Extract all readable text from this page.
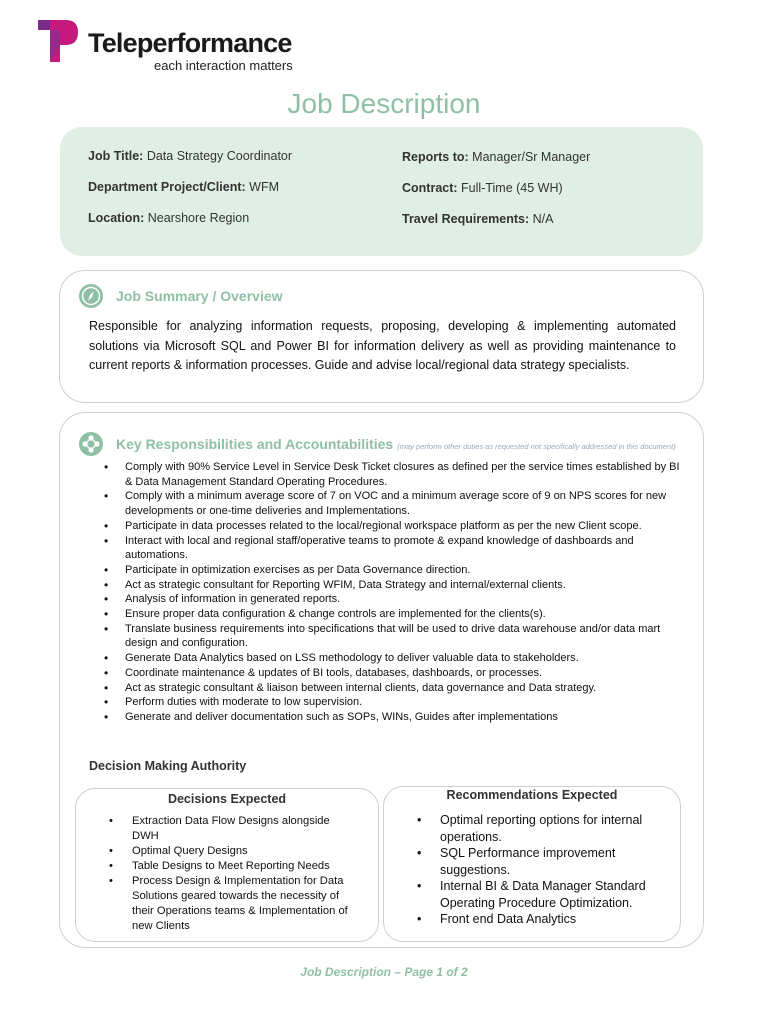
Teleperformance
each interaction matters
Job Description
Job Title: Data Strategy Coordinator
Department Project/Client: WFM
Location: Nearshore Region
Reports to: Manager/Sr Manager
Contract: Full-Time (45 WH)
Travel Requirements: N/A
Job Summary / Overview

Responsible for analyzing information requests, proposing, developing & implementing automated solutions via Microsoft SQL and Power BI for information delivery as well as providing maintenance to current reports & information processes. Guide and advise local/regional data strategy specialists.

Key Responsibilities and Accountabilities (may perform other duties as requested not specifically addressed in this document)
• Comply with 90% Service Level in Service Desk Ticket closures as defined per the service times established by BI & Data Management Standard Operating Procedures.
• Comply with a minimum average score of 7 on VOC and a minimum average score of 9 on NPS scores for new developments or one-time deliveries and Implementations.
• Participate in data processes related to the local/regional workspace platform as per the new Client scope.
• Interact with local and regional staff/operative teams to promote & expand knowledge of dashboards and automations.
• Participate in optimization exercises as per Data Governance direction.
• Act as strategic consultant for Reporting WFIM, Data Strategy and internal/external clients.
• Analysis of information in generated reports.
• Ensure proper data configuration & change controls are implemented for the clients(s).
• Translate business requirements into specifications that will be used to drive data warehouse and/or data mart design and configuration.
• Generate Data Analytics based on LSS methodology to deliver valuable data to stakeholders.
• Coordinate maintenance & updates of BI tools, databases, dashboards, or processes.
• Act as strategic consultant & liaison between internal clients, data governance and Data strategy.
• Perform duties with moderate to low supervision.
• Generate and deliver documentation such as SOPs, WINs, Guides after implementations
Decision Making Authority
Decisions Expected
• Extraction Data Flow Designs alongside DWH
• Optimal Query Designs
• Table Designs to Meet Reporting Needs
• Process Design & Implementation for Data Solutions geared towards the necessity of their Operations teams & Implementation of new Clients
Recommendations Expected
• Optimal reporting options for internal operations.
• SQL Performance improvement suggestions.
• Internal BI & Data Manager Standard Operating Procedure Optimization.
• Front end Data Analytics
Job Description – Page 1 of 2
